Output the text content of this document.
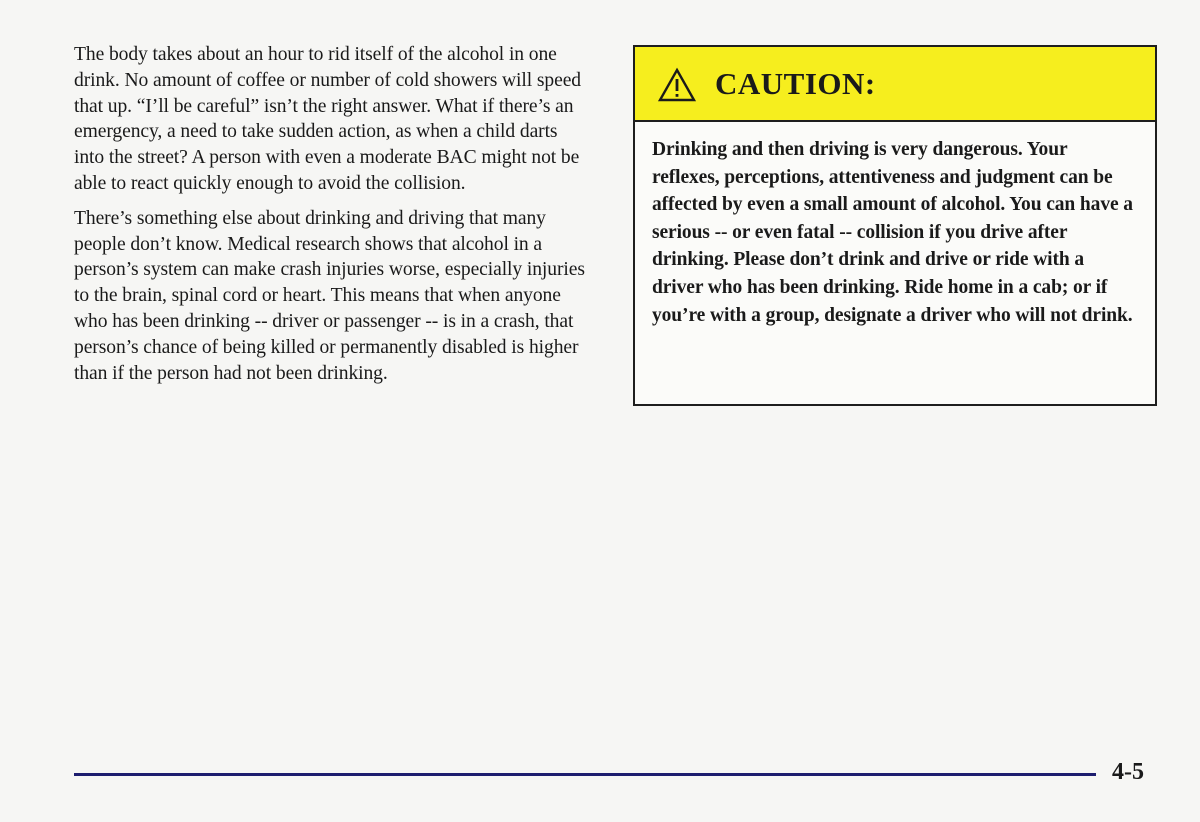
The body takes about an hour to rid itself of the alcohol in one drink. No amount of coffee or number of cold showers will speed that up. “I’ll be careful” isn’t the right answer. What if there’s an emergency, a need to take sudden action, as when a child darts into the street? A person with even a moderate BAC might not be able to react quickly enough to avoid the collision.

There’s something else about drinking and driving that many people don’t know. Medical research shows that alcohol in a person’s system can make crash injuries worse, especially injuries to the brain, spinal cord or heart. This means that when anyone who has been drinking -- driver or passenger -- is in a crash, that person’s chance of being killed or permanently disabled is higher than if the person had not been drinking.

CAUTION:

Drinking and then driving is very dangerous. Your reflexes, perceptions, attentiveness and judgment can be affected by even a small amount of alcohol. You can have a serious -- or even fatal -- collision if you drive after drinking. Please don’t drink and drive or ride with a driver who has been drinking. Ride home in a cab; or if you’re with a group, designate a driver who will not drink.

4-5
